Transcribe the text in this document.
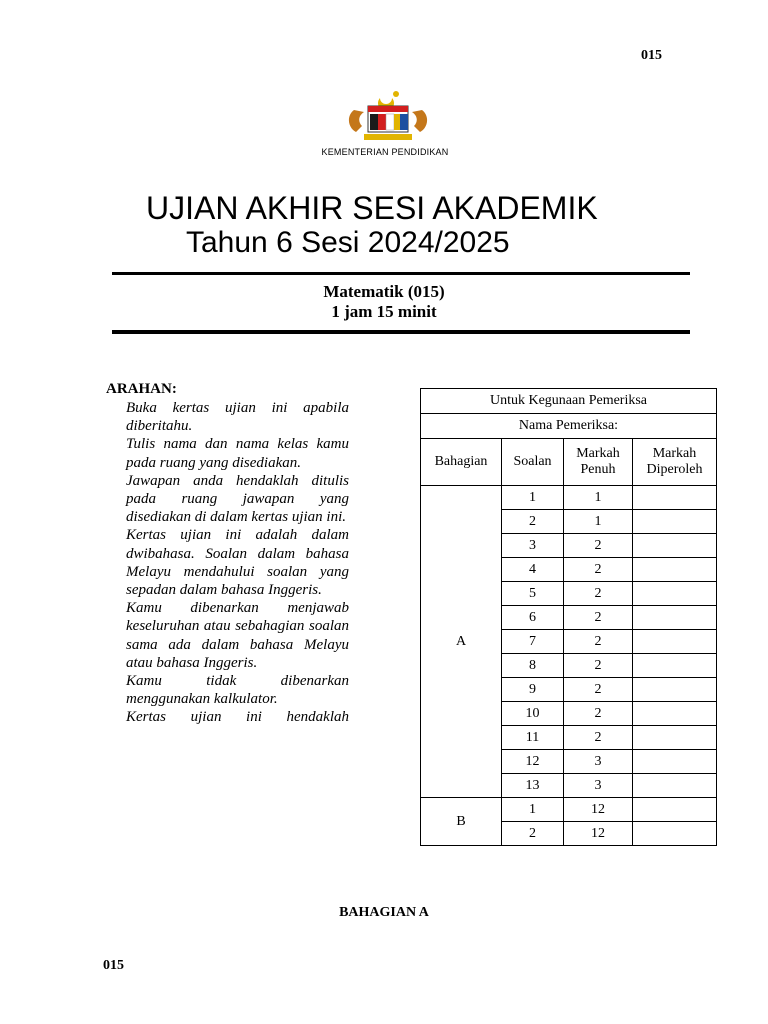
015
KEMENTERIAN PENDIDIKAN
UJIAN AKHIR SESI AKADEMIK
Tahun 6 Sesi 2024/2025
Matematik (015)
1 jam 15 minit
ARAHAN:
Buka kertas ujian ini apabila diberitahu.
Tulis nama dan nama kelas kamu pada ruang yang disediakan.
Jawapan anda hendaklah ditulis pada ruang jawapan yang disediakan di dalam kertas ujian ini.
Kertas ujian ini adalah dalam dwibahasa. Soalan dalam bahasa Melayu mendahului soalan yang sepadan dalam bahasa Inggeris.
Kamu dibenarkan menjawab keseluruhan atau sebahagian soalan sama ada dalam bahasa Melayu atau bahasa Inggeris.
Kamu tidak dibenarkan menggunakan kalkulator.
Kertas ujian ini hendaklah
Untuk Kegunaan Pemeriksa			
Nama Pemeriksa:			
Bahagian	Soalan	Markah Penuh	Markah Diperoleh
A	1	1	
	2	1	
	3	2	
	4	2	
	5	2	
	6	2	
	7	2	
	8	2	
	9	2	
	10	2	
	11	2	
	12	3	
	13	3	
B	1	12	
	2	12	
BAHAGIAN A
015
